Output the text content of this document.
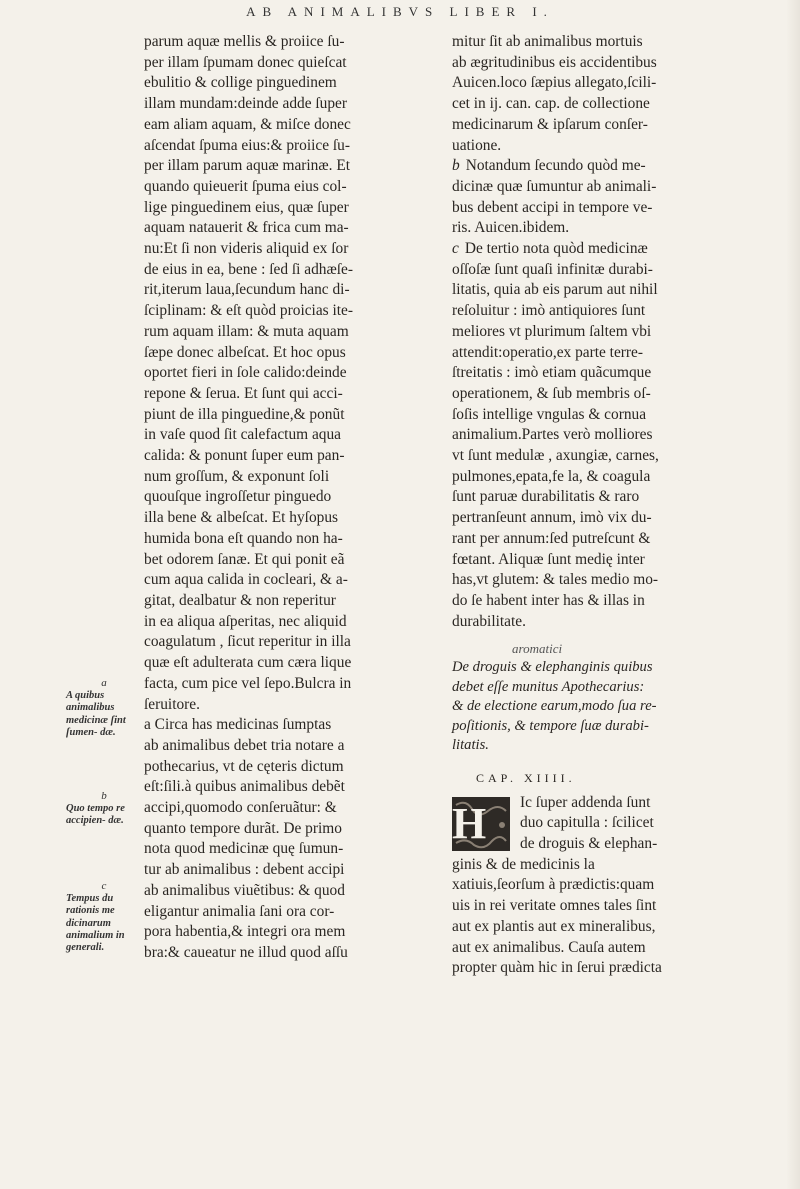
AB ANIMALIBVS LIBER I.

parum aquæ mellis & proiice ſu-

per illam ſpumam donec quieſcat

ebulitio & collige pinguedinem

illam mundam:deinde adde ſuper

eam aliam aquam, & miſce donec

aſcendat ſpuma eius:& proiice ſu-

per illam parum aquæ marinæ. Et

quando quieuerit ſpuma eius col-

lige pinguedinem eius, quæ ſuper

aquam natauerit & frica cum ma-

nu:Et ſi non videris aliquid ex ſor

de eius in ea, bene : ſed ſi adhæſe-

rit,iterum laua,ſecundum hanc di-

ſciplinam: & eſt quòd proicias ite-

rum aquam illam: & muta aquam

ſæpe donec albeſcat. Et hoc opus

oportet fieri in ſole calido:deinde

repone & ſerua. Et ſunt qui acci-

piunt de illa pinguedine,& ponũt

in vaſe quod ſit calefactum aqua

calida: & ponunt ſuper eum pan-

num groſſum, & exponunt ſoli

quouſque ingroſſetur pinguedo

illa bene & albeſcat. Et hyſopus

humida bona eſt quando non ha-

bet odorem ſanæ. Et qui ponit eã

cum aqua calida in cocleari, & a-

gitat, dealbatur & non reperitur

in ea aliqua aſperitas, nec aliquid

coagulatum , ſicut reperitur in illa

quæ eſt adulterata cum cæra lique

facta, cum pice vel ſepo.Bulcra in

ſeruitore.

a Circa has medicinas ſumptas

ab animalibus debet tria notare a

pothecarius, vt de cęteris dictum

eſt:ſili.à quibus animalibus debẽt

accipi,quomodo conſeruãtur: &

quanto tempore durãt. De primo

nota quod medicinæ quę ſumun-

tur ab animalibus : debent accipi

ab animalibus viuẽtibus: & quod

eligantur animalia ſani ora cor-

pora habentia,& integri ora mem

bra:& caueatur ne illud quod aſſu

a
A quibus animalibus medicinæ ſint ſumen- dæ.
b
Quo tempo re accipien- dæ.
c
Tempus du rationis me dicinarum animalium in generali.

mitur ſit ab animalibus mortuis

ab ægritudinibus eis accidentibus

Auicen.loco ſæpius allegato,ſcili-

cet in ij. can. cap. de collectione

medicinarum & ipſarum conſer-

uatione.

b Notandum ſecundo quòd me-

dicinæ quæ ſumuntur ab animali-

bus debent accipi in tempore ve-

ris. Auicen.ibidem.

c De tertio nota quòd medicinæ

oſſoſæ ſunt quaſi infinitæ durabi-

litatis, quia ab eis parum aut nihil

reſoluitur : imò antiquiores ſunt

meliores vt plurimum ſaltem vbi

attendit:operatio,ex parte terre-

ſtreitatis : imò etiam quãcumque

operationem, & ſub membris oſ-

ſoſis intellige vngulas & cornua

animalium.Partes verò molliores

vt ſunt medulæ , axungiæ, carnes,

pulmones,epata,fe la, & coagula

ſunt paruæ durabilitatis & raro

pertranſeunt annum, imò vix du-

rant per annum:ſed putreſcunt &

fœtant. Aliquæ ſunt medię inter

has,vt glutem: & tales medio mo-

do ſe habent inter has & illas in

durabilitate.

aromatici
De droguis & elephanginis quibus
debet eſſe munitus Apothecarius:
& de electione earum,modo ſua re-
poſitionis, & tempore ſuæ durabi-
litatis.
CAP. XIIII.
H	Ic ſuper addenda ſunt

duo capitulla : ſcilicet

de droguis & elephan-

ginis & de medicinis la

xatiuis,ſeorſum à prædictis:quam

uis in rei veritate omnes tales ſint

aut ex plantis aut ex mineralibus,

aut ex animalibus. Cauſa autem

propter quàm hic in ſerui prædicta
